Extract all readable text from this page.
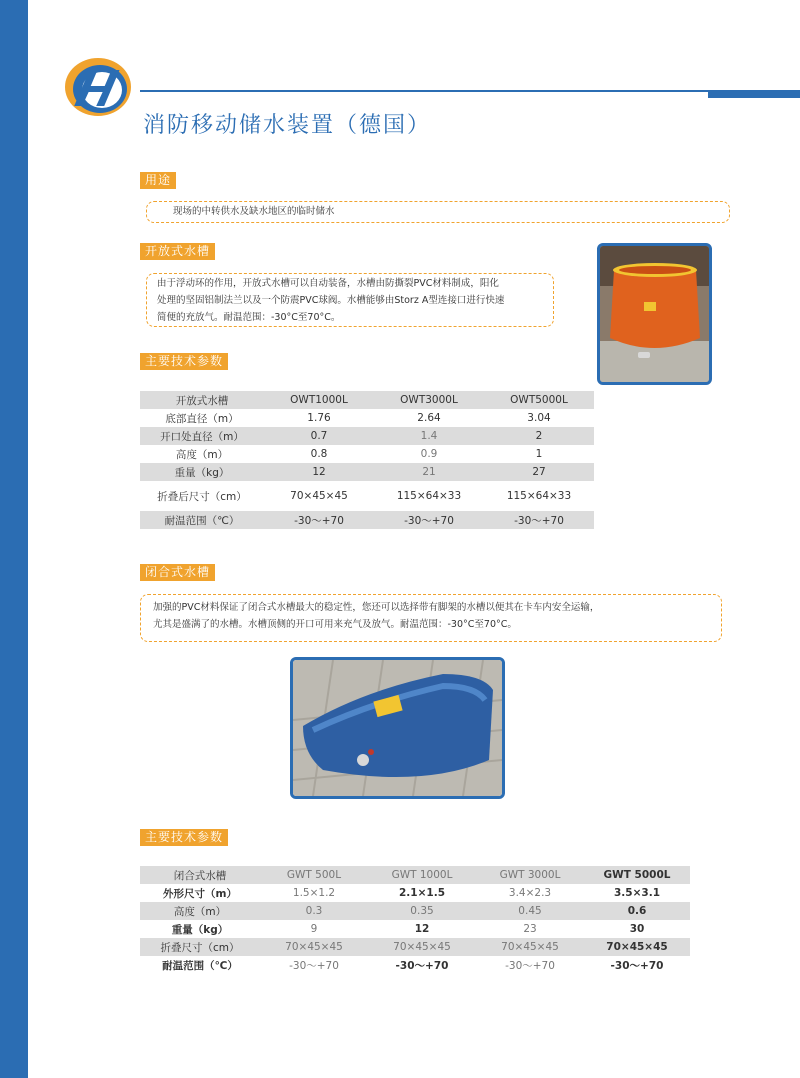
消防移动储水装置（德国）
用途
现场的中转供水及缺水地区的临时储水
开放式水槽
由于浮动环的作用，开放式水槽可以自动装备，水槽由防撕裂PVC材料制成，阳化
处理的坚固铝制法兰以及一个防震PVC球阀。水槽能够由Storz A型连接口进行快速
简便的充放气。耐温范围：-30°C至70°C。
主要技术参数
开放式水槽	OWT1000L	OWT3000L	OWT5000L
底部直径（m）	1.76	2.64	3.04
开口处直径（m）	0.7	1.4	2
高度（m）	0.8	0.9	1
重量（kg）	12	21	27
折叠后尺寸（cm）	70×45×45	115×64×33	115×64×33
耐温范围（℃）	-30～+70	-30～+70	-30～+70
闭合式水槽
加强的PVC材料保证了闭合式水槽最大的稳定性，您还可以选择带有脚架的水槽以便其在卡车内安全运输，
尤其是盛满了的水槽。水槽顶侧的开口可用来充气及放气。耐温范围：-30°C至70°C。
主要技术参数
闭合式水槽	GWT 500L	GWT 1000L	GWT 3000L	GWT 5000L
外形尺寸（m）	1.5×1.2	2.1×1.5	3.4×2.3	3.5×3.1
高度（m）	0.3	0.35	0.45	0.6
重量（kg）	9	12	23	30
折叠尺寸（cm）	70×45×45	70×45×45	70×45×45	70×45×45
耐温范围（℃）	-30～+70	-30～+70	-30～+70	-30～+70
